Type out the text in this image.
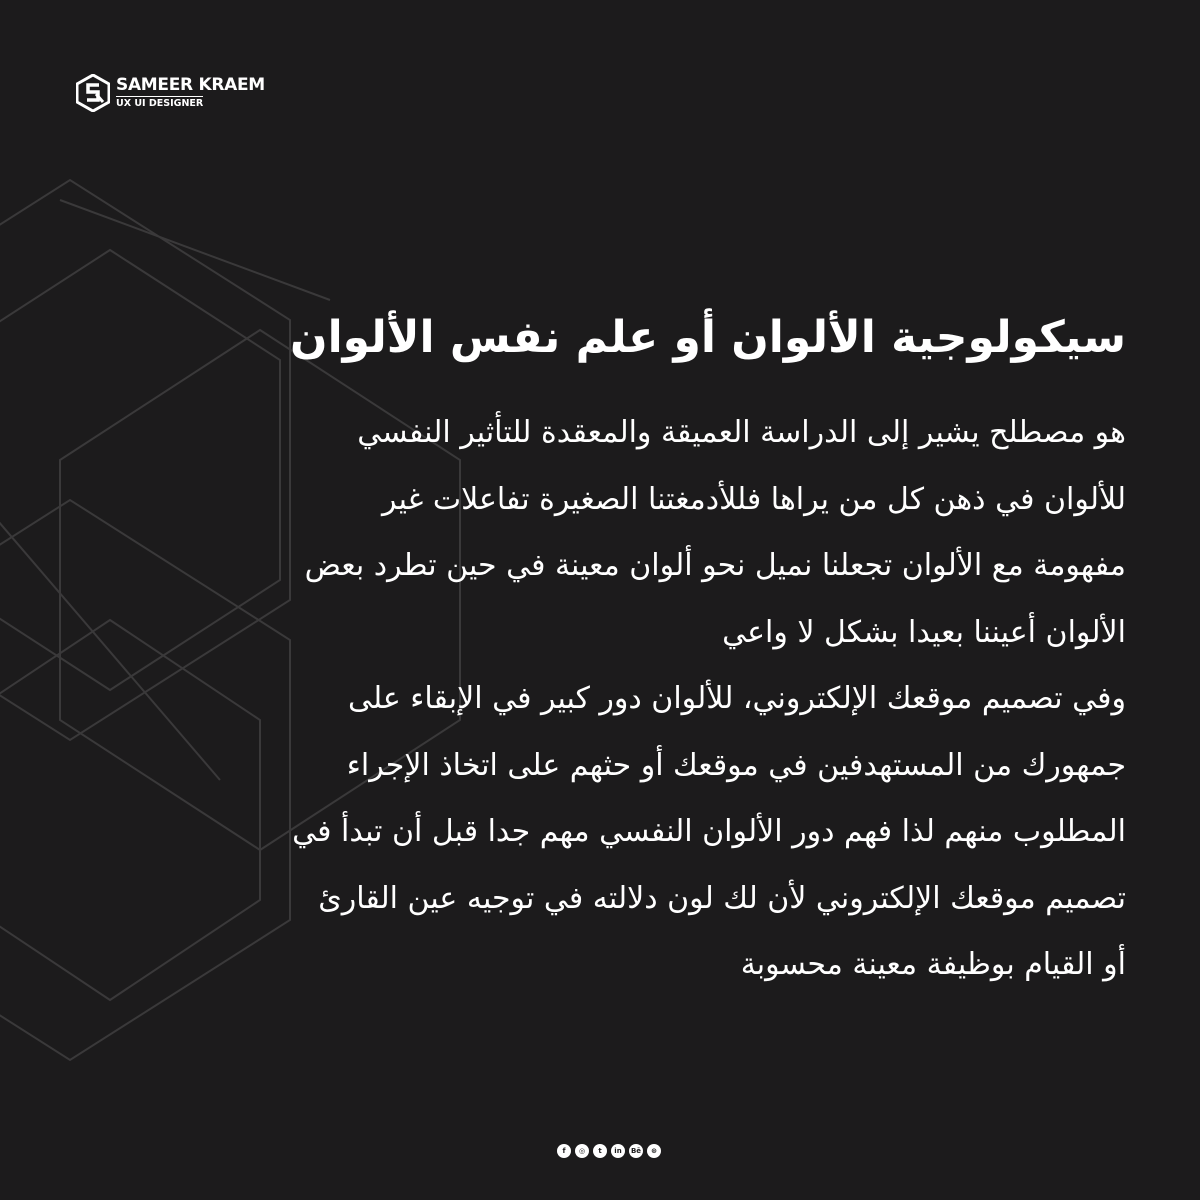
SAMEER KRAEM
UX UI DESIGNER
سيكولوجية الألوان أو علم نفس الألوان
هو مصطلح يشير إلى الدراسة العميقة والمعقدة للتأثير النفسي
للألوان في ذهن كل من يراها فللأدمغتنا الصغيرة تفاعلات غير
مفهومة مع الألوان تجعلنا نميل نحو ألوان معينة في حين تطرد بعض
الألوان أعيننا بعيدا بشكل لا واعي
وفي تصميم موقعك الإلكتروني، للألوان دور كبير في الإبقاء على
جمهورك من المستهدفين في موقعك أو حثهم على اتخاذ الإجراء
المطلوب منهم لذا فهم دور الألوان النفسي مهم جدا قبل أن تبدأ في
تصميم موقعك الإلكتروني لأن لك لون دلالته في توجيه عين القارئ
أو القيام بوظيفة معينة محسوبة
f	◎	t	in	Bē	⊛
